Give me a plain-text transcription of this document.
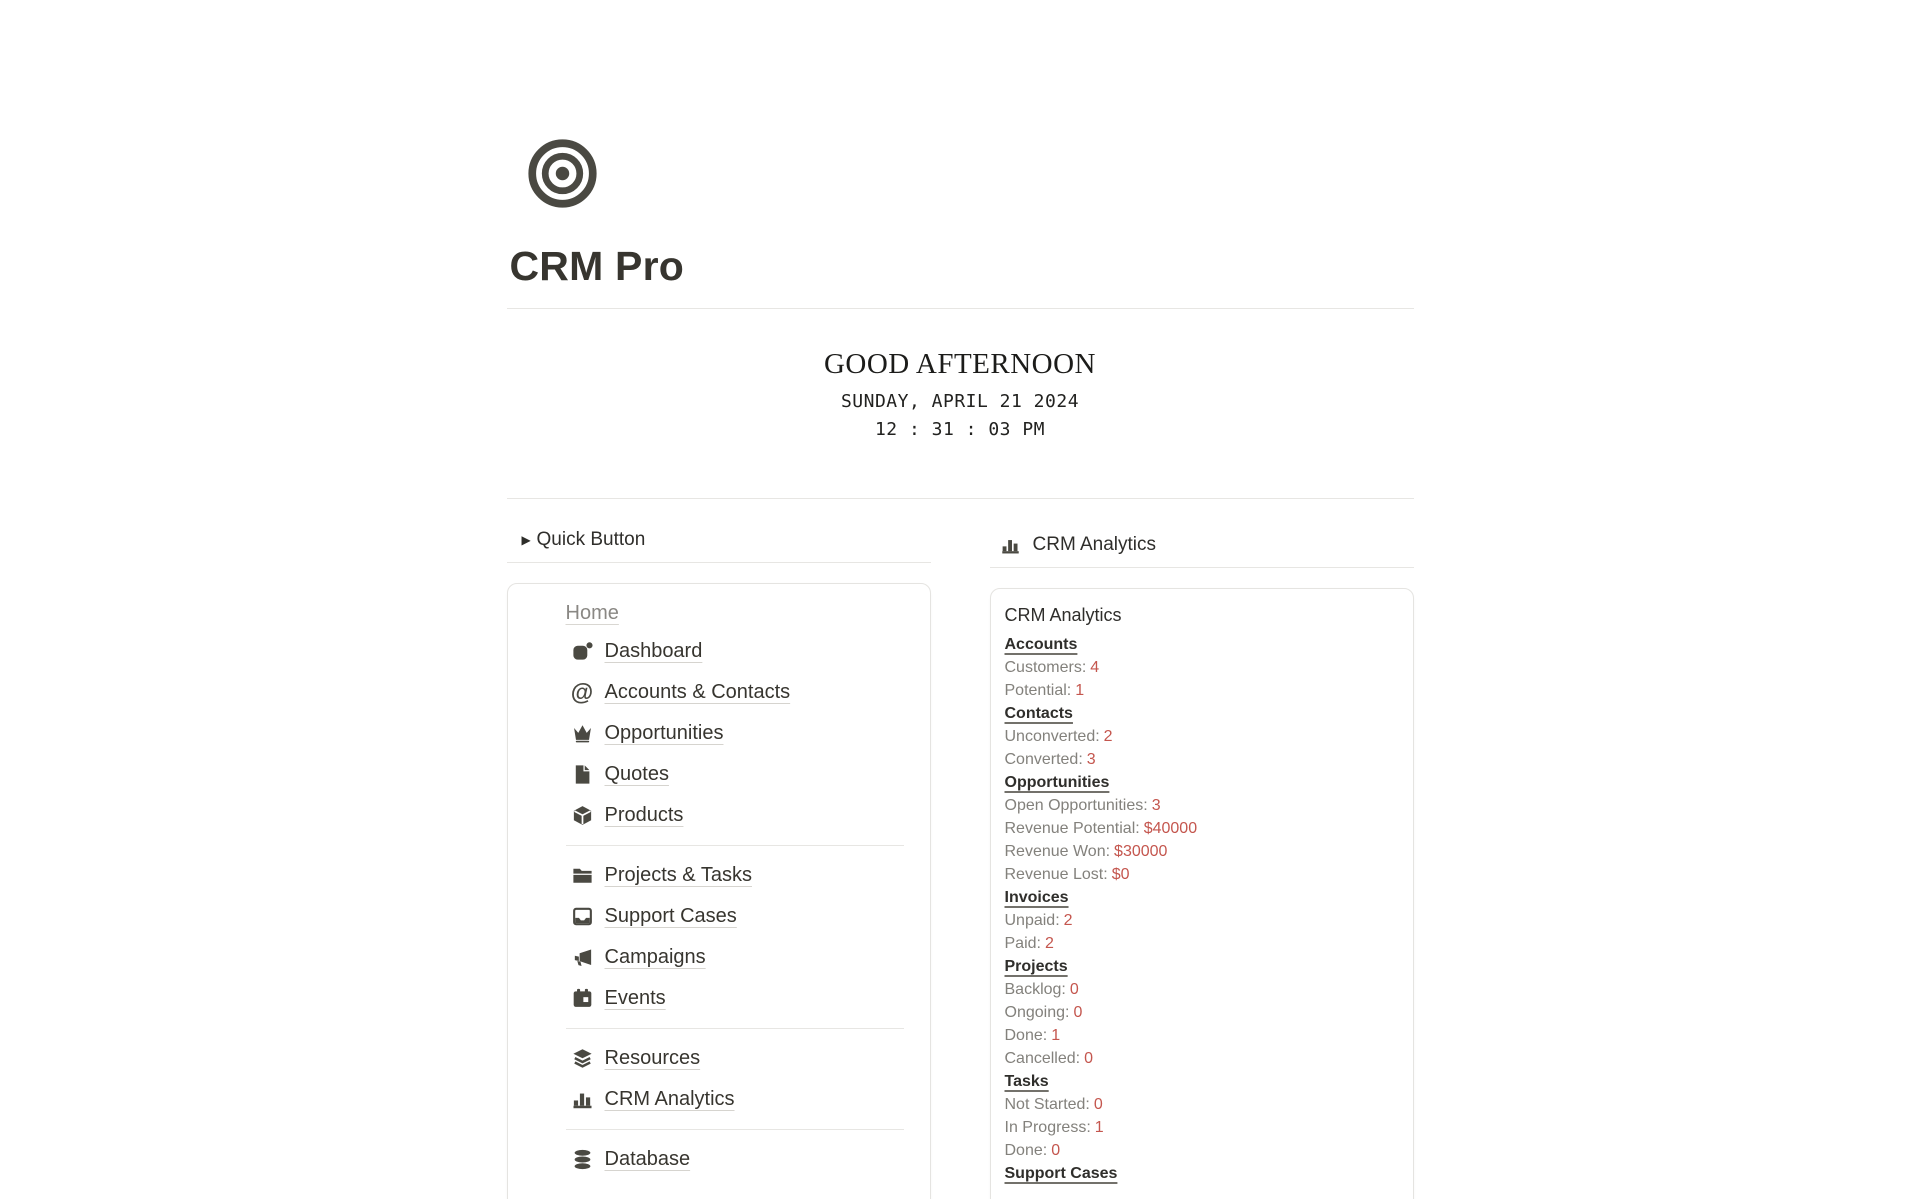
CRM Pro
GOOD AFTERNOON
SUNDAY, APRIL 21 2024
12 : 31 : 03 PM
▶ Quick Button
Home
Dashboard
@ Accounts & Contacts
Opportunities
Quotes
Products
Projects & Tasks
Support Cases
Campaigns
Events
Resources
CRM Analytics
Database
CRM Analytics
CRM Analytics
Accounts
Customers: 4
Potential: 1
Contacts
Unconverted: 2
Converted: 3
Opportunities
Open Opportunities: 3
Revenue Potential: $40000
Revenue Won: $30000
Revenue Lost: $0
Invoices
Unpaid: 2
Paid: 2
Projects
Backlog: 0
Ongoing: 0
Done: 1
Cancelled: 0
Tasks
Not Started: 0
In Progress: 1
Done: 0
Support Cases
